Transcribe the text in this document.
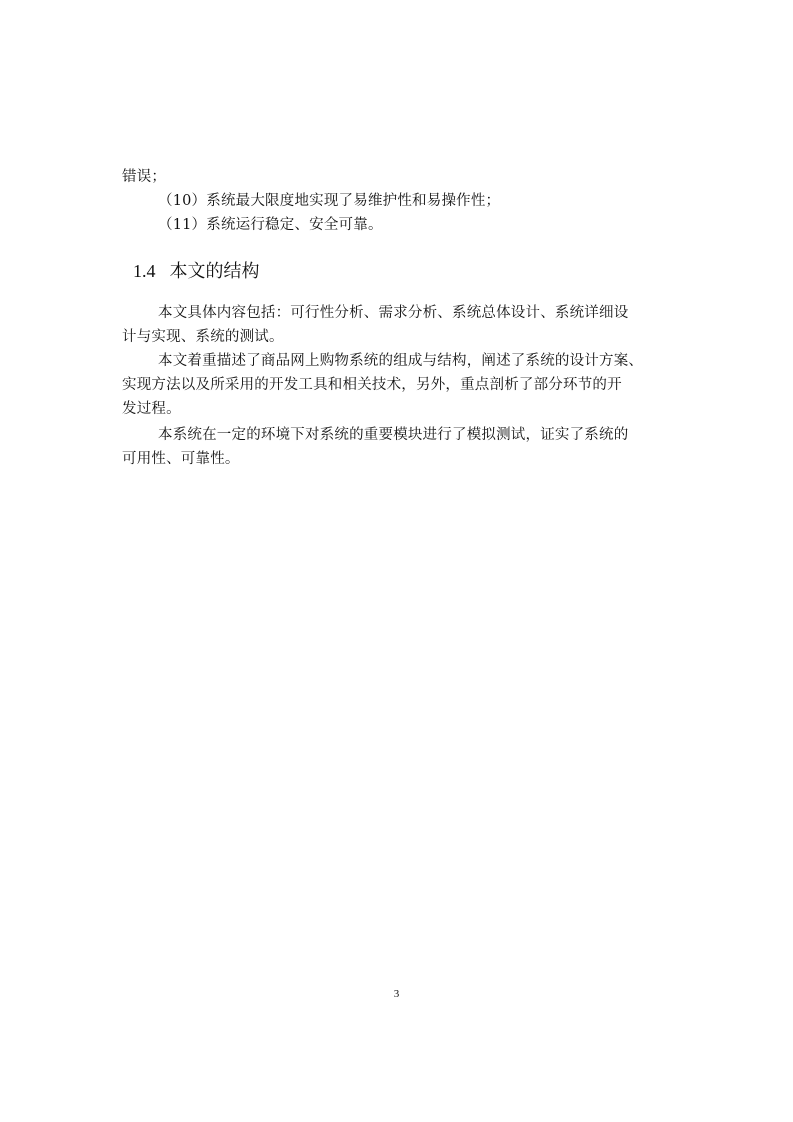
错误；
（10）系统最大限度地实现了易维护性和易操作性；
（11）系统运行稳定、安全可靠。
1.4 本文的结构
本文具体内容包括：可行性分析、需求分析、系统总体设计、系统详细设
计与实现、系统的测试。
本文着重描述了商品网上购物系统的组成与结构，阐述了系统的设计方案、
实现方法以及所采用的开发工具和相关技术，另外，重点剖析了部分环节的开
发过程。
本系统在一定的环境下对系统的重要模块进行了模拟测试，证实了系统的
可用性、可靠性。
3
